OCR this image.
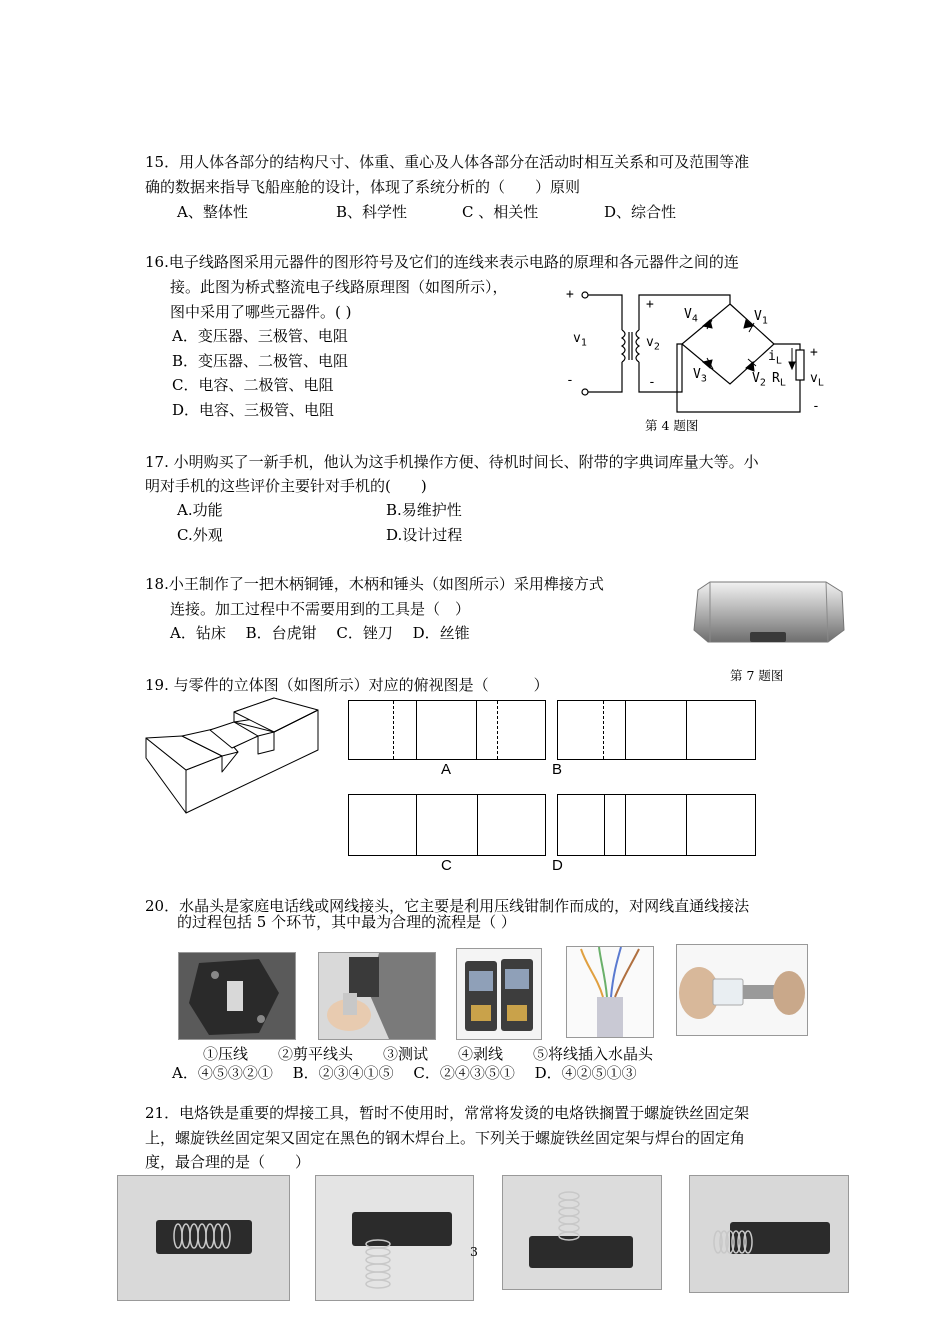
15．用人体各部分的结构尺寸、体重、重心及人体各部分在活动时相互关系和可及范围等准
确的数据来指导飞船座舱的设计，体现了系统分析的（　　）原则
A、整体性	B、科学性	C 、相关性	D、综合性
16.电子线路图采用元器件的图形符号及它们的连线来表示电路的原理和各元器件之间的连
接。此图为桥式整流电子线路原理图（如图所示），
图中采用了哪些元器件。( )
A．变压器、三极管、电阻
B．变压器、二极管、电阻
C．电容、二极管、电阻
D．电容、三极管、电阻
+
-
$v_1$
+
-
$v_2$
$V_4$	$V_1$
$V_3$	$V_2$
$i_L$
$R_L$
+
-
$v_L$
第 4 题图
17. 小明购买了一新手机，他认为这手机操作方便、待机时间长、附带的字典词库量大等。小
明对手机的这些评价主要针对手机的(　　)
A.功能	B.易维护性
C.外观	D.设计过程
18.小王制作了一把木柄铜锤，木柄和锤头（如图所示）采用榫接方式
连接。加工过程中不需要用到的工具是（　）
A．钻床　 B．台虎钳　 C．锉刀　 D．丝锥
第 7 题图
19. 与零件的立体图（如图所示）对应的俯视图是（　　　）
A	B
C	D
20．水晶头是家庭电话线或网线接头，它主要是利用压线钳制作而成的，对网线直通线接法
的过程包括 5 个环节，其中最为合理的流程是（ ）
①压线　　②剪平线头　　③测试　　④剥线　　⑤将线插入水晶头
A．④⑤③②①　 B．②③④①⑤　 C．②④③⑤①　 D．④②⑤①③
21．电烙铁是重要的焊接工具，暂时不使用时，常常将发烫的电烙铁搁置于螺旋铁丝固定架
上，螺旋铁丝固定架又固定在黑色的钢木焊台上。下列关于螺旋铁丝固定架与焊台的固定角
度，最合理的是（　　）
3
